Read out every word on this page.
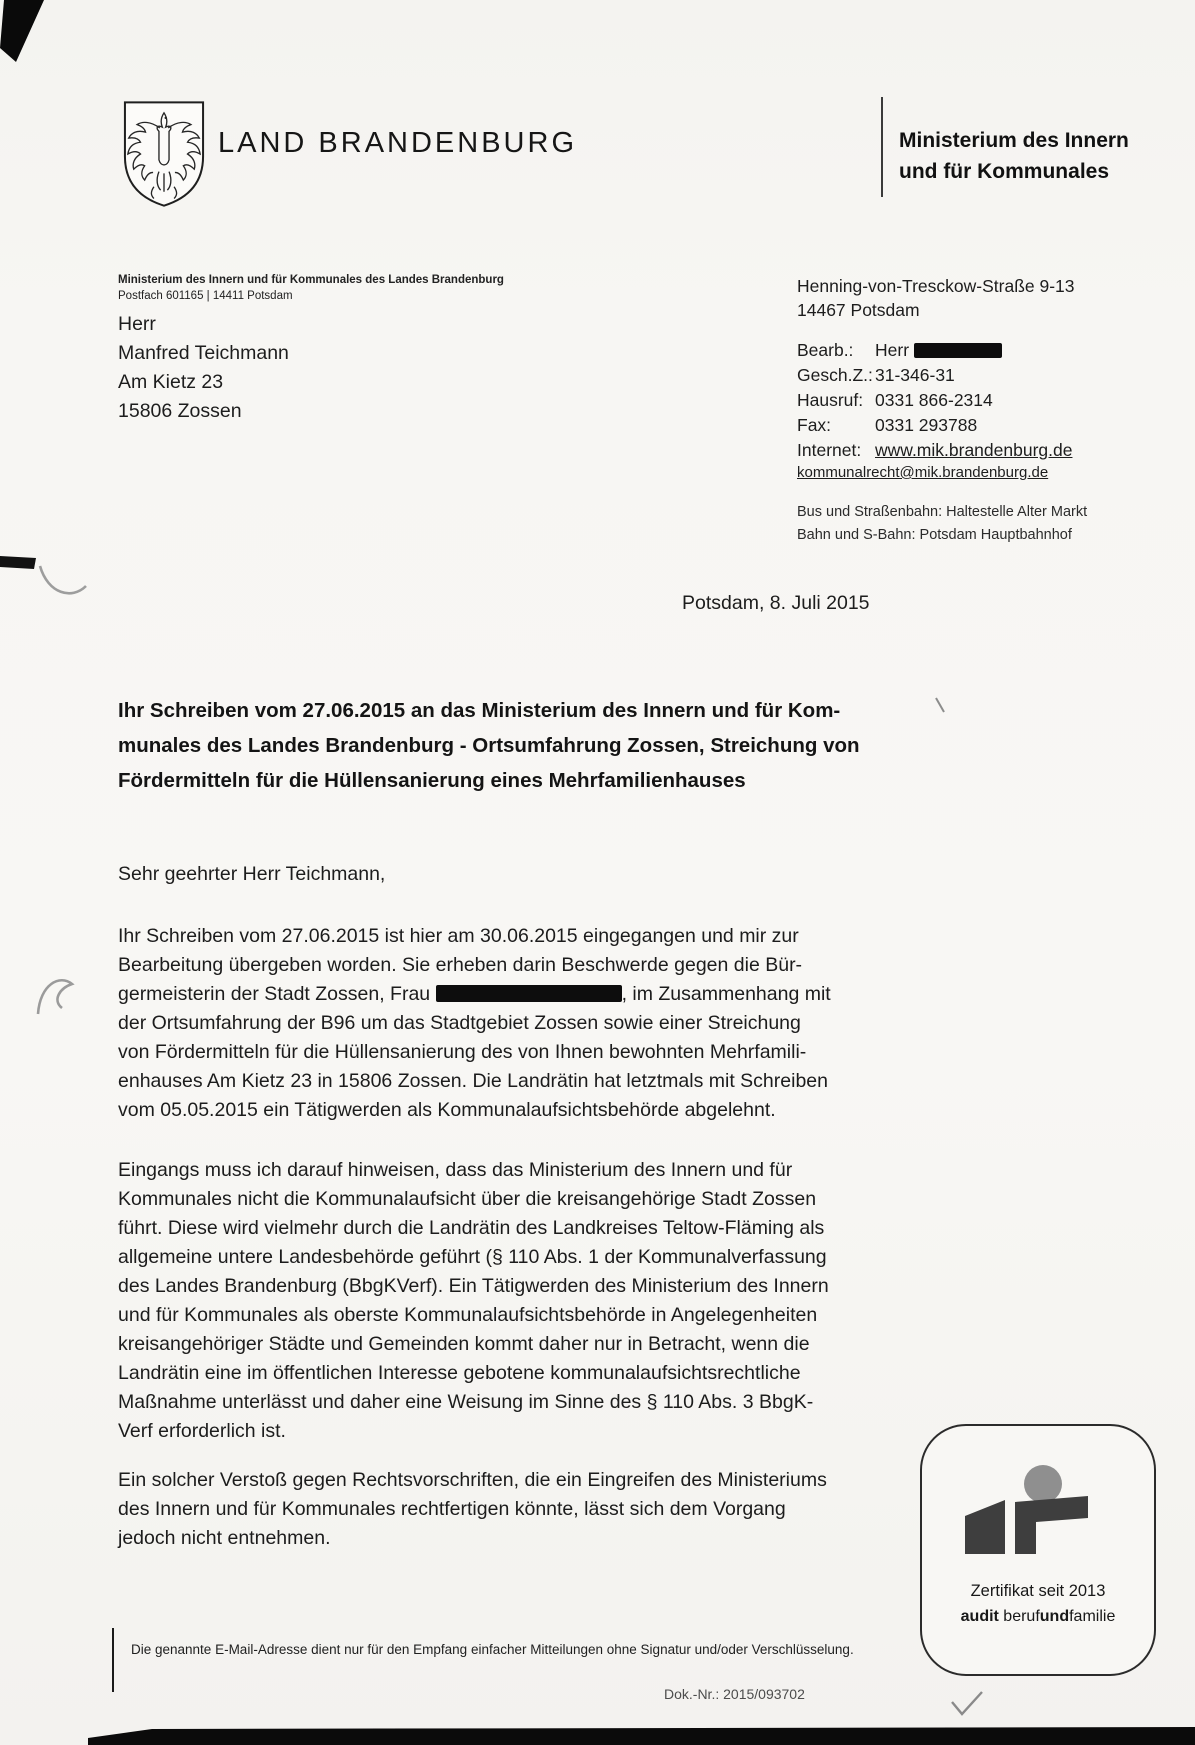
LAND BRANDENBURG	Ministerium des Innern
und für Kommunales
Ministerium des Innern und für Kommunales des Landes Brandenburg
Postfach 601165 | 14411 Potsdam
Herr
Manfred Teichmann
Am Kietz 23
15806 Zossen
Henning-von-Tresckow-Straße 9-13
14467 Potsdam
Bearb.:	Herr
Gesch.Z.: 31-346-31
Hausruf: 0331 866-2314
Fax:	0331 293788
Internet: www.mik.brandenburg.de
kommunalrecht@mik.brandenburg.de
Bus und Straßenbahn: Haltestelle Alter Markt
Bahn und S-Bahn: Potsdam Hauptbahnhof
Potsdam, 8. Juli 2015
Ihr Schreiben vom 27.06.2015 an das Ministerium des Innern und für Kom-
munales des Landes Brandenburg - Ortsumfahrung Zossen, Streichung von
Fördermitteln für die Hüllensanierung eines Mehrfamilienhauses
Sehr geehrter Herr Teichmann,
Ihr Schreiben vom 27.06.2015 ist hier am 30.06.2015 eingegangen und mir zur
Bearbeitung übergeben worden. Sie erheben darin Beschwerde gegen die Bür-
germeisterin der Stadt Zossen, Frau	, im Zusammenhang mit
der Ortsumfahrung der B96 um das Stadtgebiet Zossen sowie einer Streichung
von Fördermitteln für die Hüllensanierung des von Ihnen bewohnten Mehrfamili-
enhauses Am Kietz 23 in 15806 Zossen. Die Landrätin hat letztmals mit Schreiben
vom 05.05.2015 ein Tätigwerden als Kommunalaufsichtsbehörde abgelehnt.
Eingangs muss ich darauf hinweisen, dass das Ministerium des Innern und für
Kommunales nicht die Kommunalaufsicht über die kreisangehörige Stadt Zossen
führt. Diese wird vielmehr durch die Landrätin des Landkreises Teltow-Fläming als
allgemeine untere Landesbehörde geführt (§ 110 Abs. 1 der Kommunalverfassung
des Landes Brandenburg (BbgKVerf). Ein Tätigwerden des Ministerium des Innern
und für Kommunales als oberste Kommunalaufsichtsbehörde in Angelegenheiten
kreisangehöriger Städte und Gemeinden kommt daher nur in Betracht, wenn die
Landrätin eine im öffentlichen Interesse gebotene kommunalaufsichtsrechtliche
Maßnahme unterlässt und daher eine Weisung im Sinne des § 110 Abs. 3 BbgK-
Verf erforderlich ist.
Ein solcher Verstoß gegen Rechtsvorschriften, die ein Eingreifen des Ministeriums
des Innern und für Kommunales rechtfertigen könnte, lässt sich dem Vorgang
jedoch nicht entnehmen.
Die genannte E-Mail-Adresse dient nur für den Empfang einfacher Mitteilungen ohne Signatur und/oder Verschlüsselung.
Dok.-Nr.: 2015/093702
Zertifikat seit 2013
audit berufundfamilie
